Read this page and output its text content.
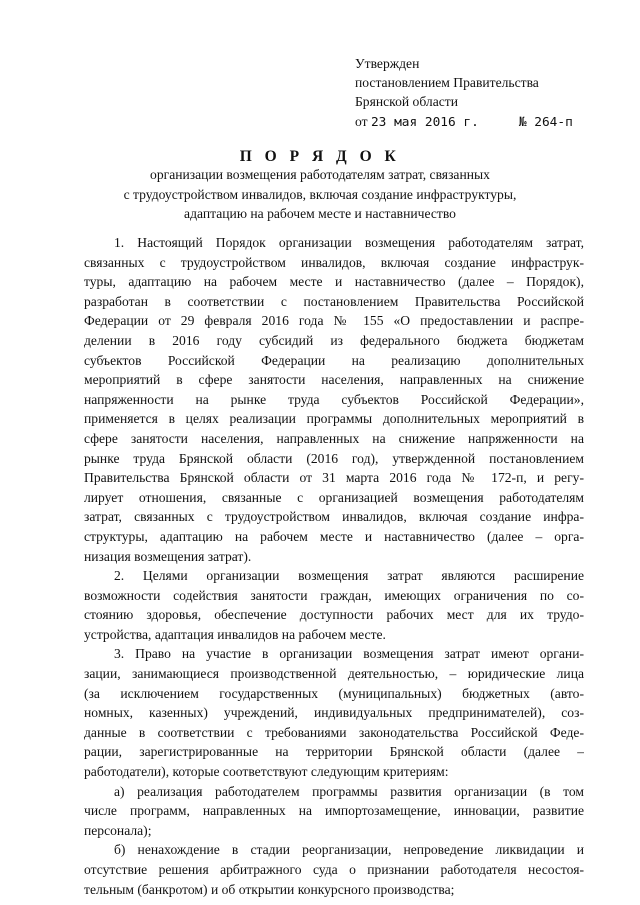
Утвержден
постановлением Правительства
Брянской области
от 23 мая 2016 г.	№ 264-п
П О Р Я Д О К
организации возмещения работодателям затрат, связанных
с трудоустройством инвалидов, включая создание инфраструктуры,
адаптацию на рабочем месте и наставничество
1. Настоящий Порядок организации возмещения работодателям затрат,
связанных с трудоустройством инвалидов, включая создание инфраструк-
туры, адаптацию на рабочем месте и наставничество (далее – Порядок),
разработан в соответствии с постановлением Правительства Российской
Федерации от 29 февраля 2016 года № 155 «О предоставлении и распре-
делении в 2016 году субсидий из федерального бюджета бюджетам
субъектов Российской Федерации на реализацию дополнительных
мероприятий в сфере занятости населения, направленных на снижение
напряженности на рынке труда субъектов Российской Федерации»,
применяется в целях реализации программы дополнительных мероприятий в
сфере занятости населения, направленных на снижение напряженности на
рынке труда Брянской области (2016 год), утвержденной постановлением
Правительства Брянской области от 31 марта 2016 года № 172-п, и регу-
лирует отношения, связанные с организацией возмещения работодателям
затрат, связанных с трудоустройством инвалидов, включая создание инфра-
структуры, адаптацию на рабочем месте и наставничество (далее – орга-
низация возмещения затрат).
2. Целями организации возмещения затрат являются расширение
возможности содействия занятости граждан, имеющих ограничения по со-
стоянию здоровья, обеспечение доступности рабочих мест для их трудо-
устройства, адаптация инвалидов на рабочем месте.
3. Право на участие в организации возмещения затрат имеют органи-
зации, занимающиеся производственной деятельностью, – юридические лица
(за исключением государственных (муниципальных) бюджетных (авто-
номных, казенных) учреждений, индивидуальных предпринимателей), соз-
данные в соответствии с требованиями законодательства Российской Феде-
рации, зарегистрированные на территории Брянской области (далее –
работодатели), которые соответствуют следующим критериям:
а) реализация работодателем программы развития организации (в том
числе программ, направленных на импортозамещение, инновации, развитие
персонала);
б) ненахождение в стадии реорганизации, непроведение ликвидации и
отсутствие решения арбитражного суда о признании работодателя несостоя-
тельным (банкротом) и об открытии конкурсного производства;
